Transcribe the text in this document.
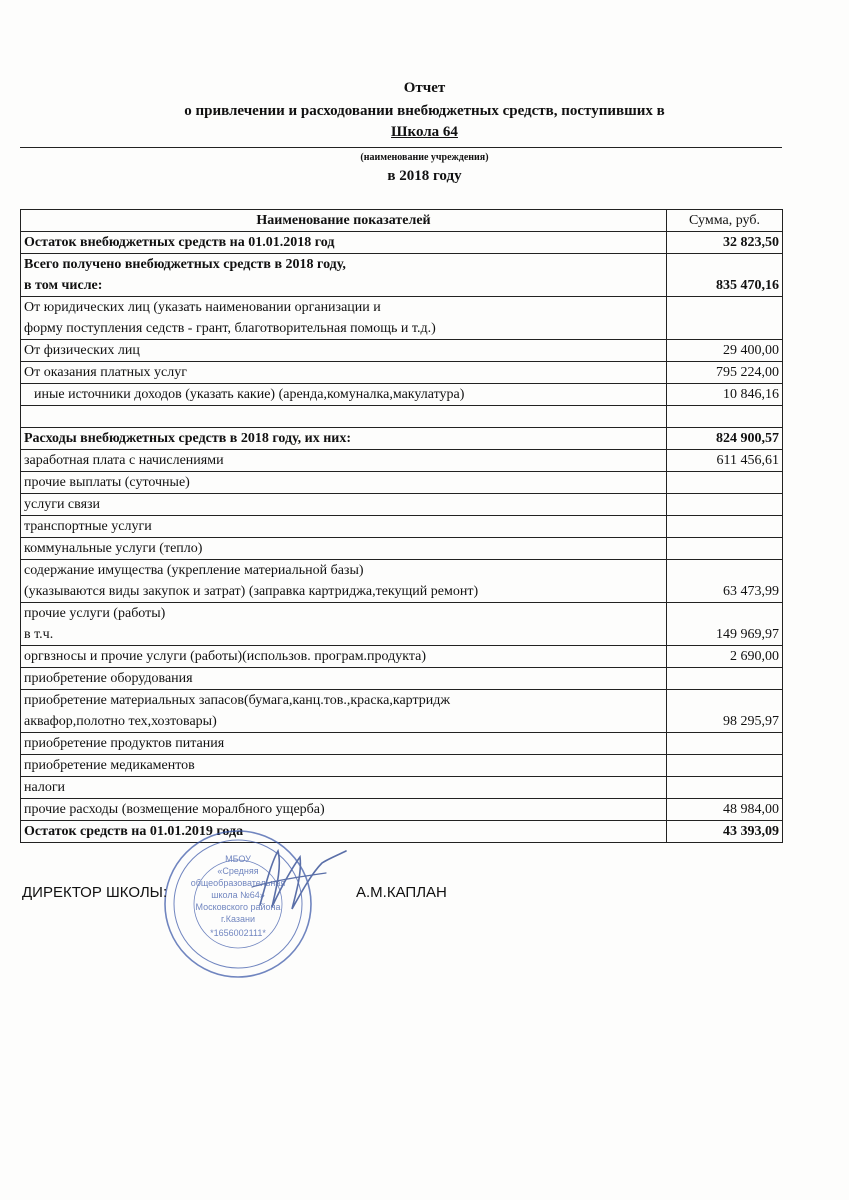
Отчет
о привлечении и расходовании внебюджетных средств, поступивших в
Школа 64
(наименование учреждения)
в 2018 году
Наименование показателей	Сумма, руб.

Остаток внебюджетных средств на 01.01.2018 год	32 823,50

Всего получено внебюджетных средств в 2018 году,
в том числе:	835 470,16

От юридических лиц (указать наименовании организации и
форму поступления седств - грант, благотворительная помощь и т.д.)	

От физических лиц	29 400,00

От оказания платных услуг	795 224,00

иные источники доходов (указать какие) (аренда,комуналка,макулатура)	10 846,16

Расходы внебюджетных средств в 2018 году, их них:	824 900,57

заработная плата с начислениями	611 456,61

прочие выплаты (суточные)	

услуги связи	

транспортные услуги	

коммунальные услуги (тепло)	

содержание имущества (укрепление материальной базы)
(указываются виды закупок и затрат) (заправка картриджа,текущий ремонт)	63 473,99

прочие услуги (работы)
в т.ч.	149 969,97

оргвзносы и прочие услуги (работы)(использов. програм.продукта)	2 690,00

приобретение оборудования	

приобретение материальных запасов(бумага,канц.тов.,краска,картридж
аквафор,полотно тех,хозтовары)	98 295,97

приобретение продуктов питания	

приобретение медикаментов	

налоги	

прочие расходы (возмещение моралбного ущерба)	48 984,00

Остаток средств на 01.01.2019 года	43 393,09
МБОУ
«Средняя
общеобразовательная
школа №64»
Московского района
г.Казани
*1656002111*
ДИРЕКТОР ШКОЛЫ:	А.М.КАПЛАН
